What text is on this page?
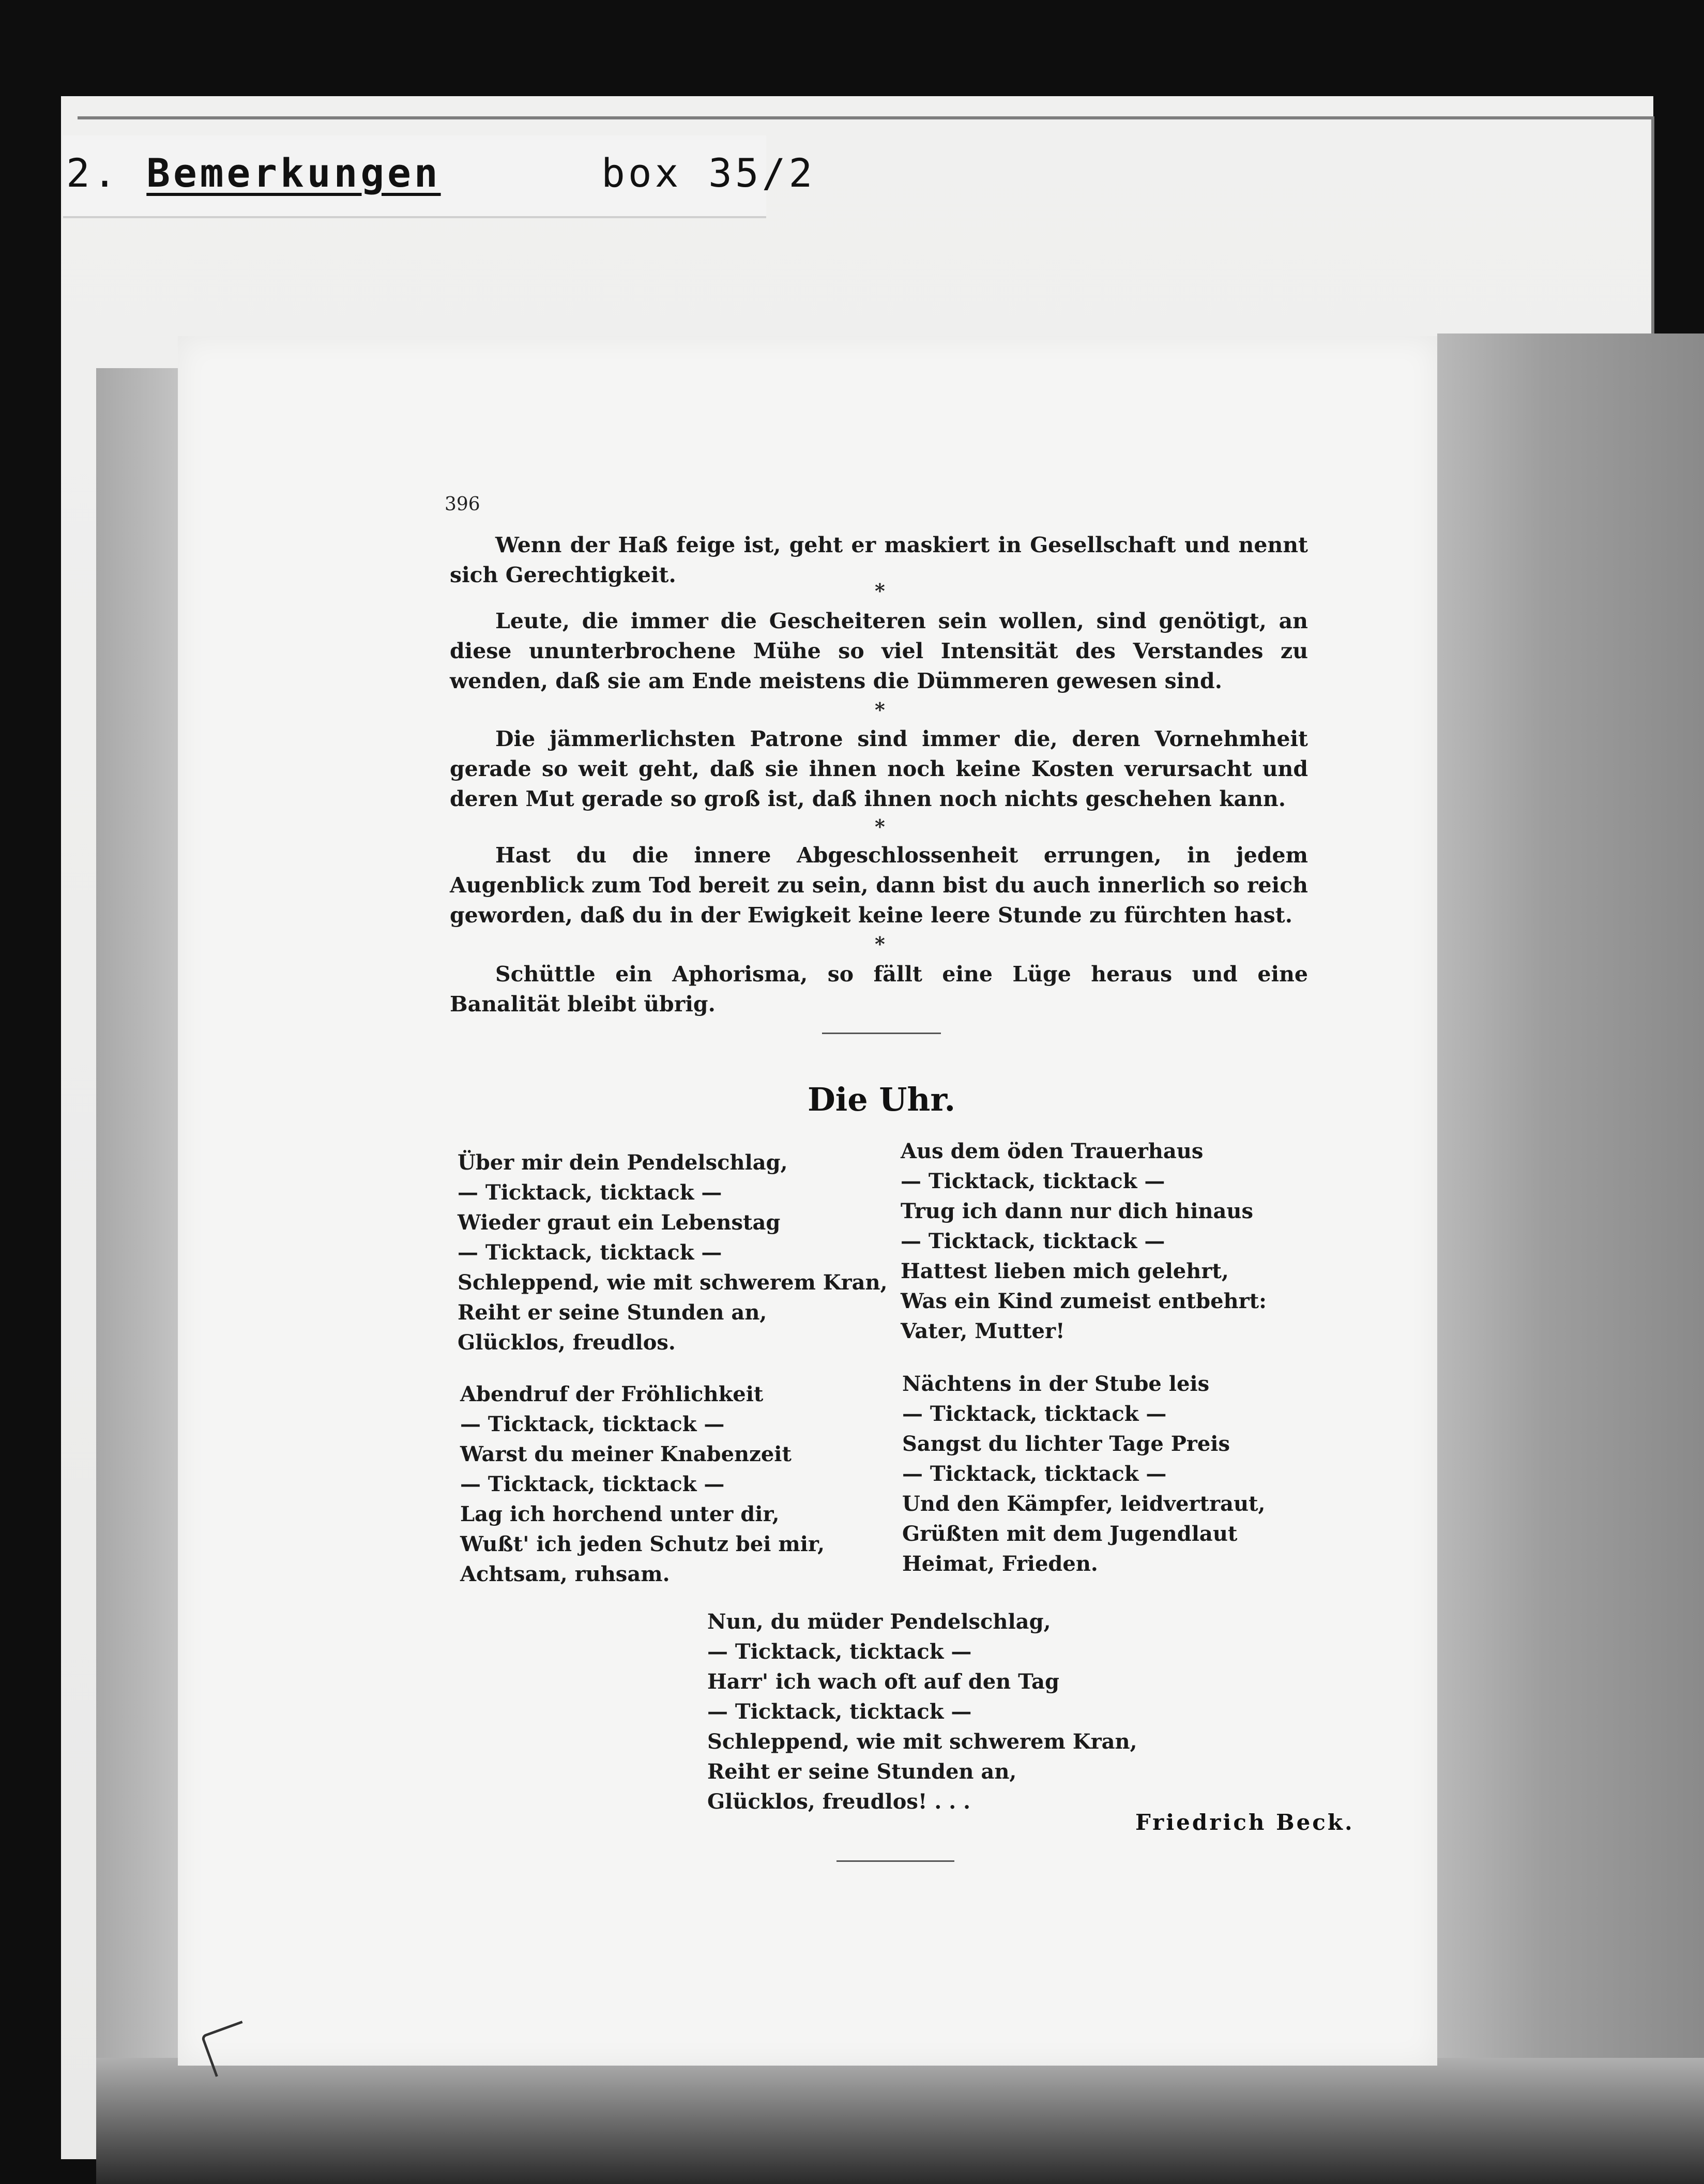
2. Bemerkungen	box 35/2
396
Wenn der Haß feige ist, geht er maskiert in Gesellschaft und nennt sich Gerechtigkeit.
*
Leute, die immer die Gescheiteren sein wollen, sind genötigt, an diese ununterbrochene Mühe so viel Intensität des Verstandes zu wenden, daß sie am Ende meistens die Dümmeren gewesen sind.
*
Die jämmerlichsten Patrone sind immer die, deren Vornehmheit gerade so weit geht, daß sie ihnen noch keine Kosten verursacht und deren Mut gerade so groß ist, daß ihnen noch nichts geschehen kann.
*
Hast du die innere Abgeschlossenheit errungen, in jedem Augenblick zum Tod bereit zu sein, dann bist du auch innerlich so reich geworden, daß du in der Ewigkeit keine leere Stunde zu fürchten hast.
*
Schüttle ein Aphorisma, so fällt eine Lüge heraus und eine Banalität bleibt übrig.
Die Uhr.
Über mir dein Pendelschlag,
— Ticktack, ticktack —
Wieder graut ein Lebenstag
— Ticktack, ticktack —
Schleppend, wie mit schwerem Kran,
Reiht er seine Stunden an,
Glücklos, freudlos.
Abendruf der Fröhlichkeit
— Ticktack, ticktack —
Warst du meiner Knabenzeit
— Ticktack, ticktack —
Lag ich horchend unter dir,
Wußt' ich jeden Schutz bei mir,
Achtsam, ruhsam.
Aus dem öden Trauerhaus
— Ticktack, ticktack —
Trug ich dann nur dich hinaus
— Ticktack, ticktack —
Hattest lieben mich gelehrt,
Was ein Kind zumeist entbehrt:
Vater, Mutter!
Nächtens in der Stube leis
— Ticktack, ticktack —
Sangst du lichter Tage Preis
— Ticktack, ticktack —
Und den Kämpfer, leidvertraut,
Grüßten mit dem Jugendlaut
Heimat, Frieden.
Nun, du müder Pendelschlag,
— Ticktack, ticktack —
Harr' ich wach oft auf den Tag
— Ticktack, ticktack —
Schleppend, wie mit schwerem Kran,
Reiht er seine Stunden an,
Glücklos, freudlos! . . .
Friedrich Beck.
